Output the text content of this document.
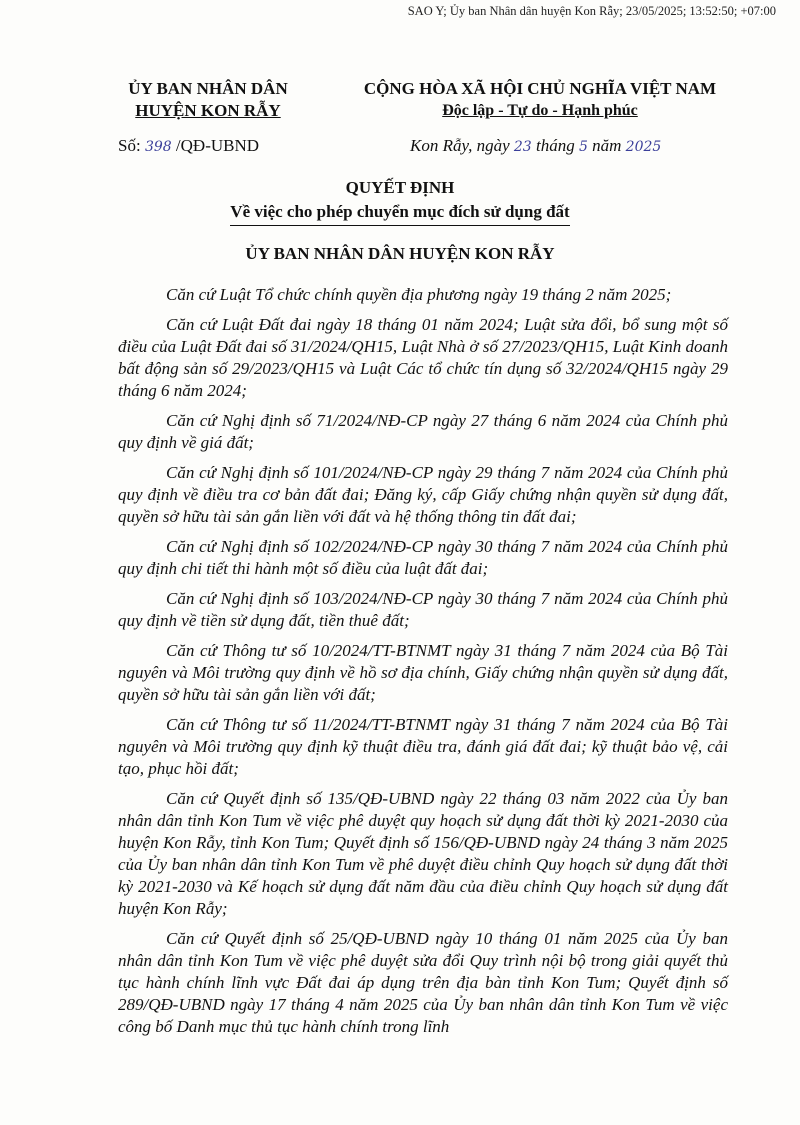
SAO Y; Ủy ban Nhân dân huyện Kon Rẫy; 23/05/2025; 13:52:50; +07:00
ỦY BAN NHÂN DÂN
HUYỆN KON RẪY
CỘNG HÒA XÃ HỘI CHỦ NGHĨA VIỆT NAM
Độc lập - Tự do - Hạnh phúc
Số: 398 /QĐ-UBND	Kon Rẫy, ngày 23 tháng 5 năm 2025
QUYẾT ĐỊNH
Về việc cho phép chuyển mục đích sử dụng đất
ỦY BAN NHÂN DÂN HUYỆN KON RẪY

Căn cứ Luật Tổ chức chính quyền địa phương ngày 19 tháng 2 năm 2025;

Căn cứ Luật Đất đai ngày 18 tháng 01 năm 2024; Luật sửa đổi, bổ sung một số điều của Luật Đất đai số 31/2024/QH15, Luật Nhà ở số 27/2023/QH15, Luật Kinh doanh bất động sản số 29/2023/QH15 và Luật Các tổ chức tín dụng số 32/2024/QH15 ngày 29 tháng 6 năm 2024;

Căn cứ Nghị định số 71/2024/NĐ-CP ngày 27 tháng 6 năm 2024 của Chính phủ quy định về giá đất;

Căn cứ Nghị định số 101/2024/NĐ-CP ngày 29 tháng 7 năm 2024 của Chính phủ quy định về điều tra cơ bản đất đai; Đăng ký, cấp Giấy chứng nhận quyền sử dụng đất, quyền sở hữu tài sản gắn liền với đất và hệ thống thông tin đất đai;

Căn cứ Nghị định số 102/2024/NĐ-CP ngày 30 tháng 7 năm 2024 của Chính phủ quy định chi tiết thi hành một số điều của luật đất đai;

Căn cứ Nghị định số 103/2024/NĐ-CP ngày 30 tháng 7 năm 2024 của Chính phủ quy định về tiền sử dụng đất, tiền thuê đất;

Căn cứ Thông tư số 10/2024/TT-BTNMT ngày 31 tháng 7 năm 2024 của Bộ Tài nguyên và Môi trường quy định về hồ sơ địa chính, Giấy chứng nhận quyền sử dụng đất, quyền sở hữu tài sản gắn liền với đất;

Căn cứ Thông tư số 11/2024/TT-BTNMT ngày 31 tháng 7 năm 2024 của Bộ Tài nguyên và Môi trường quy định kỹ thuật điều tra, đánh giá đất đai; kỹ thuật bảo vệ, cải tạo, phục hồi đất;

Căn cứ Quyết định số 135/QĐ-UBND ngày 22 tháng 03 năm 2022 của Ủy ban nhân dân tỉnh Kon Tum về việc phê duyệt quy hoạch sử dụng đất thời kỳ 2021-2030 của huyện Kon Rẫy, tỉnh Kon Tum; Quyết định số 156/QĐ-UBND ngày 24 tháng 3 năm 2025 của Ủy ban nhân dân tỉnh Kon Tum về phê duyệt điều chỉnh Quy hoạch sử dụng đất thời kỳ 2021-2030 và Kế hoạch sử dụng đất năm đầu của điều chỉnh Quy hoạch sử dụng đất huyện Kon Rẫy;

Căn cứ Quyết định số 25/QĐ-UBND ngày 10 tháng 01 năm 2025 của Ủy ban nhân dân tỉnh Kon Tum về việc phê duyệt sửa đổi Quy trình nội bộ trong giải quyết thủ tục hành chính lĩnh vực Đất đai áp dụng trên địa bàn tỉnh Kon Tum; Quyết định số 289/QĐ-UBND ngày 17 tháng 4 năm 2025 của Ủy ban nhân dân tỉnh Kon Tum về việc công bố Danh mục thủ tục hành chính trong lĩnh
